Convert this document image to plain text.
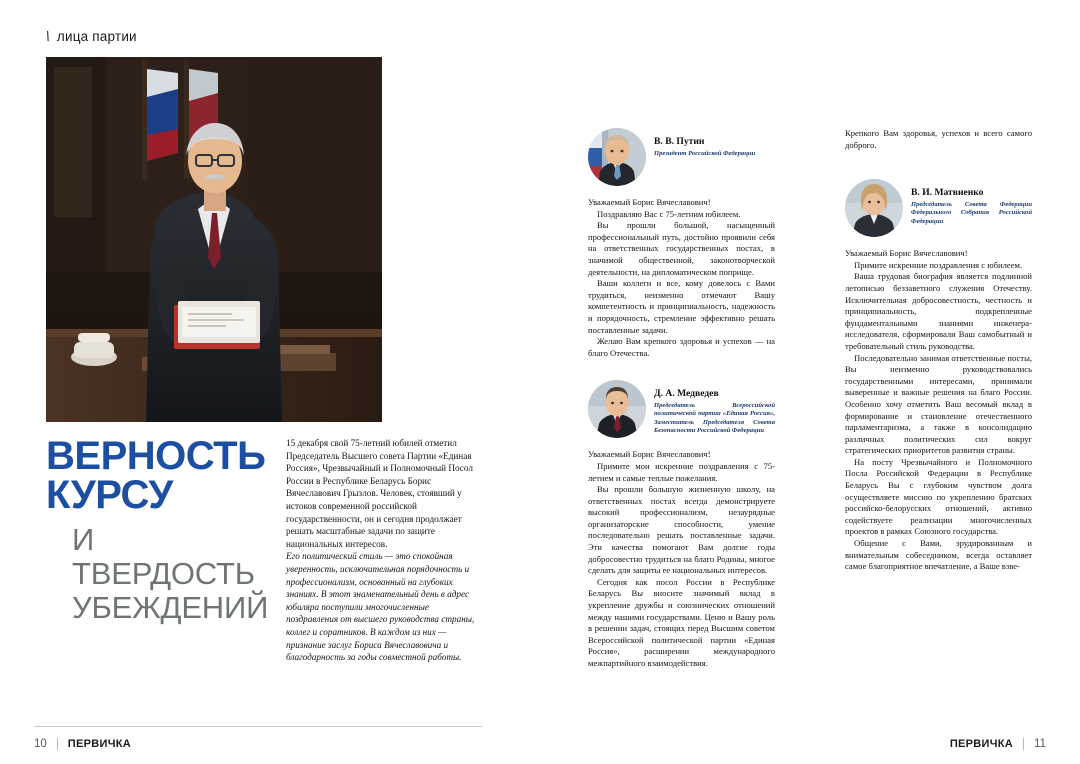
\ лица партии
ВЕРНОСТЬ
КУРСУ
И ТВЕРДОСТЬ
УБЕЖДЕНИЙ

15 декабря свой 75-летний юбилей отметил Председатель Высшего совета Партии «Единая Россия», Чрезвычайный и Полномочный Посол России в Республике Беларусь Борис Вячеславович Грызлов. Человек, стоявший у истоков современной российской государственности, он и сегодня продолжает решать масштабные задачи по защите национальных интересов.

Его политический стиль — это спокойная уверенность, исключительная порядочность и профессионализм, основанный на глубоких знаниях. В этот знаменательный день в адрес юбиляра поступили многочисленные поздравления от высшего руководства страны, коллег и соратников. В каждом из них — признание заслуг Бориса Вячеславовича и благодарность за годы совместной работы.

10 ПЕРВИЧКА
В. В. Путин
Президент Российской Федерации

Уважаемый Борис Вячеславович!

Поздравляю Вас с 75-летним юбилеем.

Вы прошли большой, насыщенный профессиональный путь, достойно проявили себя на ответственных государственных постах, в значимой общественной, законотворческой деятельности, на дипломатическом поприще.

Ваши коллеги и все, кому довелось с Вами трудиться, неизменно отмечают Вашу компетентность и принципиальность, надежность и порядочность, стремление эффективно решать поставленные задачи.

Желаю Вам крепкого здоровья и успехов — на благо Отечества.

Д. А. Медведев
Председатель Всероссийской политической партии «Единая Россия», Заместитель Председателя Совета Безопасности Российской Федерации

Уважаемый Борис Вячеславович!

Примите мои искренние поздравления с 75-летием и самые теплые пожелания.

Вы прошли большую жизненную школу, на ответственных постах всегда демонстрируете высокий профессионализм, незаурядные организаторские способности, умение последовательно решать поставленные задачи. Эти качества помогают Вам долгие годы добросовестно трудиться на благо Родины, многое сделать для защиты ее национальных интересов.

Сегодня как посол России в Республике Беларусь Вы вносите значимый вклад в укрепление дружбы и союзнических отношений между нашими государствами. Ценю и Вашу роль в решении задач, стоящих перед Высшим советом Всероссийской политической партии «Единая Россия», расширении международного межпартийного взаимодействия.

Крепкого Вам здоровья, успехов и всего самого доброго.

В. И. Матвиенко
Председатель Совета Федерации Федерального Собрания Российской Федерации

Уважаемый Борис Вячеславович!

Примите искренние поздравления с юбилеем.

Ваша трудовая биография является подлинной летописью беззаветного служения Отечеству. Исключительная добросовестность, честность и принципиальность, подкрепленные фундаментальными знаниями инженера-исследователя, сформировали Ваш самобытный и требовательный стиль руководства.

Последовательно занимая ответственные посты, Вы неизменно руководствовались государственными интересами, принимали выверенные и важные решения на благо России. Особенно хочу отметить Ваш весомый вклад в формирование и становление отечественного парламентаризма, а также в консолидацию различных политических сил вокруг стратегических приоритетов развития страны.

На посту Чрезвычайного и Полномочного Посла Российской Федерации в Республике Беларусь Вы с глубоким чувством долга осуществляете миссию по укреплению братских российско-белорусских отношений, активно содействуете реализации многочисленных проектов в рамках Союзного государства.

Общение с Вами, эрудированным и внимательным собеседником, всегда оставляет самое благоприятное впечатление, а Ваше взве-

ПЕРВИЧКА 11
